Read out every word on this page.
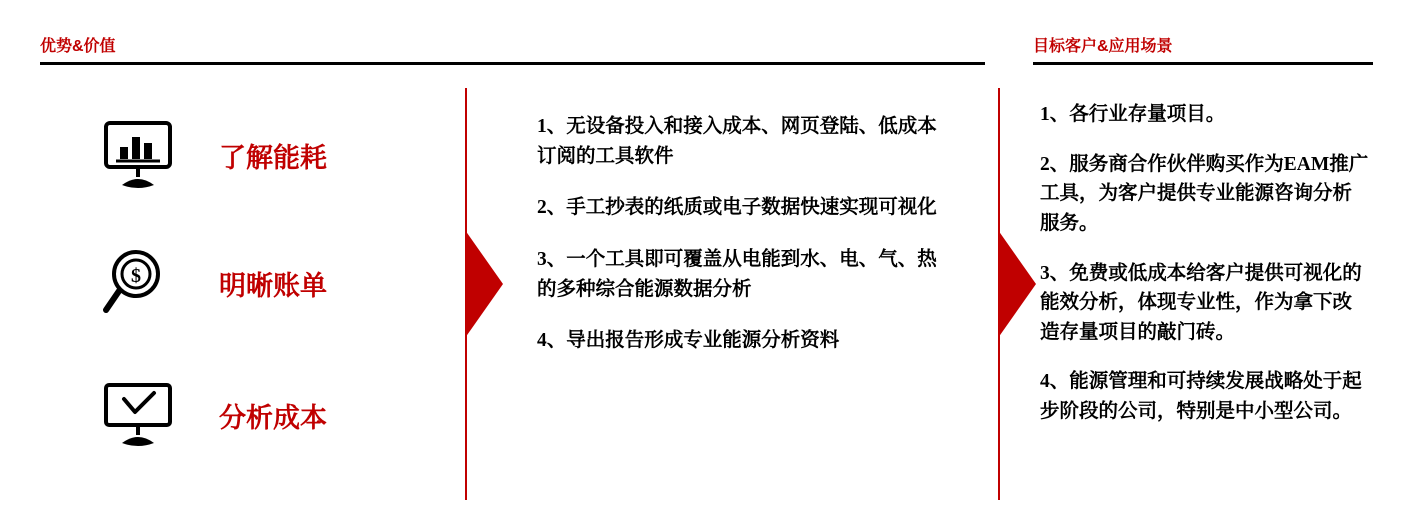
优势&价值	目标客户&应用场景
了解能耗
$	明晰账单
分析成本

1、无设备投入和接入成本、网页登陆、低成本订阅的工具软件

2、手工抄表的纸质或电子数据快速实现可视化

3、一个工具即可覆盖从电能到水、电、气、热的多种综合能源数据分析

4、导出报告形成专业能源分析资料

1、各行业存量项目。

2、服务商合作伙伴购买作为EAM推广工具，为客户提供专业能源咨询分析服务。

3、免费或低成本给客户提供可视化的能效分析，体现专业性，作为拿下改造存量项目的敲门砖。

4、能源管理和可持续发展战略处于起步阶段的公司，特别是中小型公司。
